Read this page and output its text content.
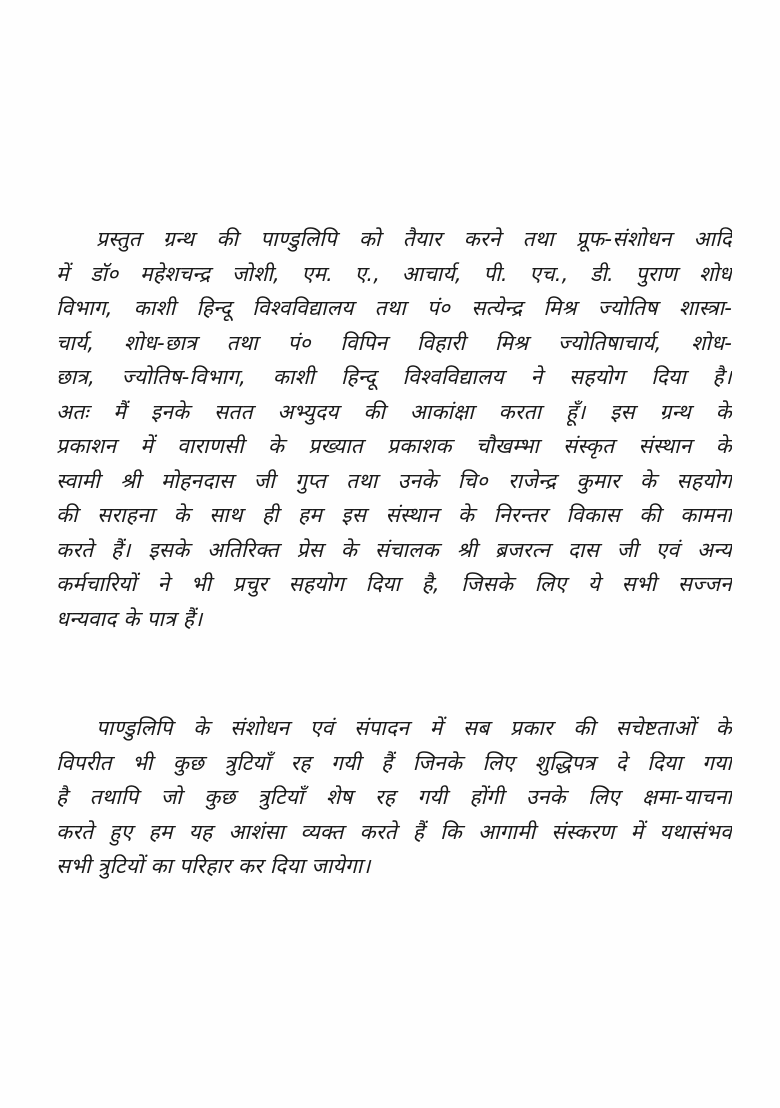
प्रस्तुत ग्रन्थ की पाण्डुलिपि को तैयार करने तथा प्रूफ-संशोधन आदि
में डॉ० महेशचन्द्र जोशी, एम. ए., आचार्य, पी. एच., डी. पुराण शोध
विभाग, काशी हिन्दू विश्वविद्यालय तथा पं० सत्येन्द्र मिश्र ज्योतिष शास्त्रा-
चार्य, शोध-छात्र तथा पं० विपिन विहारी मिश्र ज्योतिषाचार्य, शोध-
छात्र, ज्योतिष-विभाग, काशी हिन्दू विश्वविद्यालय ने सहयोग दिया है।
अतः मैं इनके सतत अभ्युदय की आकांक्षा करता हूँ। इस ग्रन्थ के
प्रकाशन में वाराणसी के प्रख्यात प्रकाशक चौखम्भा संस्कृत संस्थान के
स्वामी श्री मोहनदास जी गुप्त तथा उनके चि० राजेन्द्र कुमार के सहयोग
की सराहना के साथ ही हम इस संस्थान के निरन्तर विकास की कामना
करते हैं। इसके अतिरिक्त प्रेस के संचालक श्री ब्रजरत्न दास जी एवं अन्य
कर्मचारियों ने भी प्रचुर सहयोग दिया है, जिसके लिए ये सभी सज्जन
धन्यवाद के पात्र हैं।
पाण्डुलिपि के संशोधन एवं संपादन में सब प्रकार की सचेष्टताओं के
विपरीत भी कुछ त्रुटियाँ रह गयी हैं जिनके लिए शुद्धिपत्र दे दिया गया
है तथापि जो कुछ त्रुटियाँ शेष रह गयी होंगी उनके लिए क्षमा-याचना
करते हुए हम यह आशंसा व्यक्त करते हैं कि आगामी संस्करण में यथासंभव
सभी त्रुटियों का परिहार कर दिया जायेगा।
